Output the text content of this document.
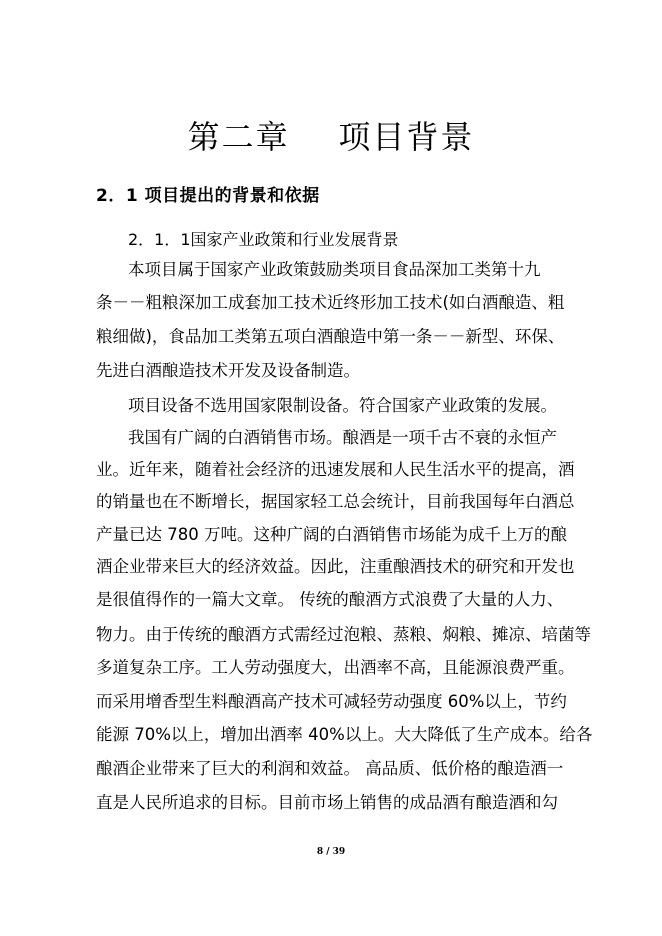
第二章    项目背景
2．1 项目提出的背景和依据
2．1．1国家产业政策和行业发展背景
本项目属于国家产业政策鼓励类项目食品深加工类第十九
条－－粗粮深加工成套加工技术近终形加工技术(如白酒酿造、粗
粮细做)，食品加工类第五项白酒酿造中第一条－－新型、环保、
先进白酒酿造技术开发及设备制造。
项目设备不选用国家限制设备。符合国家产业政策的发展。
我国有广阔的白酒销售市场。酿酒是一项千古不衰的永恒产
业。近年来，随着社会经济的迅速发展和人民生活水平的提高，酒
的销量也在不断增长，据国家轻工总会统计，目前我国每年白酒总
产量已达 780 万吨。这种广阔的白酒销售市场能为成千上万的酿
酒企业带来巨大的经济效益。因此，注重酿酒技术的研究和开发也
是很值得作的一篇大文章。 传统的酿酒方式浪费了大量的人力、
物力。由于传统的酿酒方式需经过泡粮、蒸粮、焖粮、摊凉、培菌等
多道复杂工序。工人劳动强度大，出酒率不高，且能源浪费严重。
而采用增香型生料酿酒高产技术可减轻劳动强度 60%以上，节约
能源 70%以上，增加出酒率 40%以上。大大降低了生产成本。给各
酿酒企业带来了巨大的利润和效益。 高品质、低价格的酿造酒一
直是人民所追求的目标。目前市场上销售的成品酒有酿造酒和勾
8 / 39
